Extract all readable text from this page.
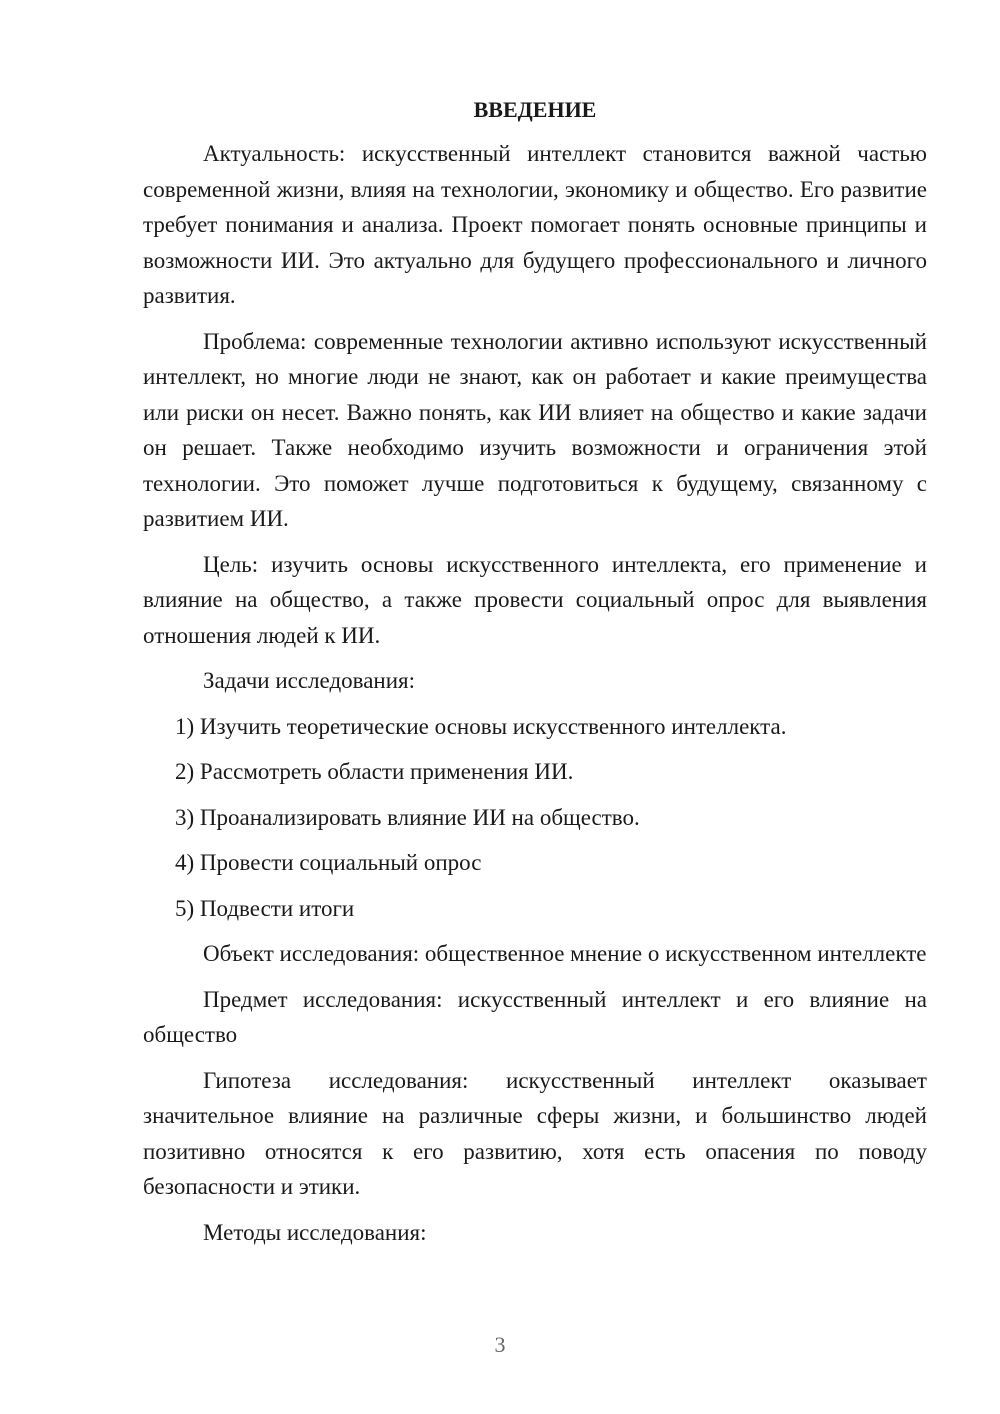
ВВЕДЕНИЕ

Актуальность: искусственный интеллект становится важной частью современной жизни, влияя на технологии, экономику и общество. Его развитие требует понимания и анализа. Проект помогает понять основные принципы и возможности ИИ. Это актуально для будущего профессионального и личного развития.

Проблема: современные технологии активно используют искусственный интеллект, но многие люди не знают, как он работает и какие преимущества или риски он несет. Важно понять, как ИИ влияет на общество и какие задачи он решает. Также необходимо изучить возможности и ограничения этой технологии. Это поможет лучше подготовиться к будущему, связанному с развитием ИИ.

Цель: изучить основы искусственного интеллекта, его применение и влияние на общество, а также провести социальный опрос для выявления отношения людей к ИИ.

Задачи исследования:

1) Изучить теоретические основы искусственного интеллекта.
2) Рассмотреть области применения ИИ.
3) Проанализировать влияние ИИ на общество.
4) Провести социальный опрос
5) Подвести итоги

Объект исследования: общественное мнение о искусственном интеллекте

Предмет исследования: искусственный интеллект и его влияние на общество

Гипотеза исследования: искусственный интеллект оказывает значительное влияние на различные сферы жизни, и большинство людей позитивно относятся к его развитию, хотя есть опасения по поводу безопасности и этики.

Методы исследования:

3
